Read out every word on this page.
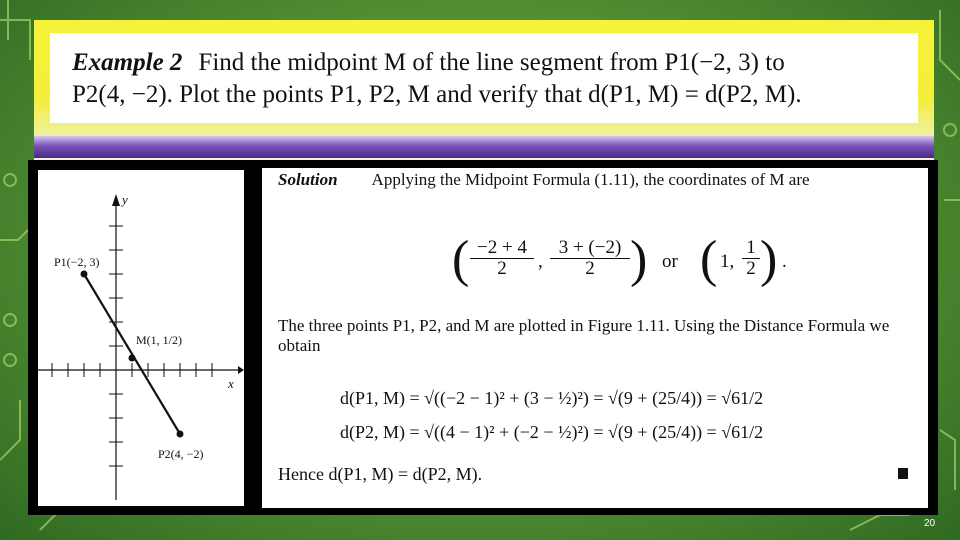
Example 2 Find the midpoint M of the line segment from P1(−2, 3) to
P2(4, −2). Plot the points P1, P2, M and verify that d(P1, M) = d(P2, M).
y
x
P1(−2, 3)
M(1, 1/2)
P2(4, −2)
Solution Applying the Midpoint Formula (1.11), the coordinates of M are
( $\frac{-2 + 4}{2}$ , $\frac{3 + (-2)}{2}$ ) or ( 1, $\frac{1}{2}$ ) .
The three points P1, P2, and M are plotted in Figure 1.11. Using the Distance Formula we obtain
d(P1, M) = √((−2 − 1)² + (3 − ½)²) = √(9 + (25/4)) = √61/2
d(P2, M) = √((4 − 1)² + (−2 − ½)²) = √(9 + (25/4)) = √61/2
Hence d(P1, M) = d(P2, M).
20
